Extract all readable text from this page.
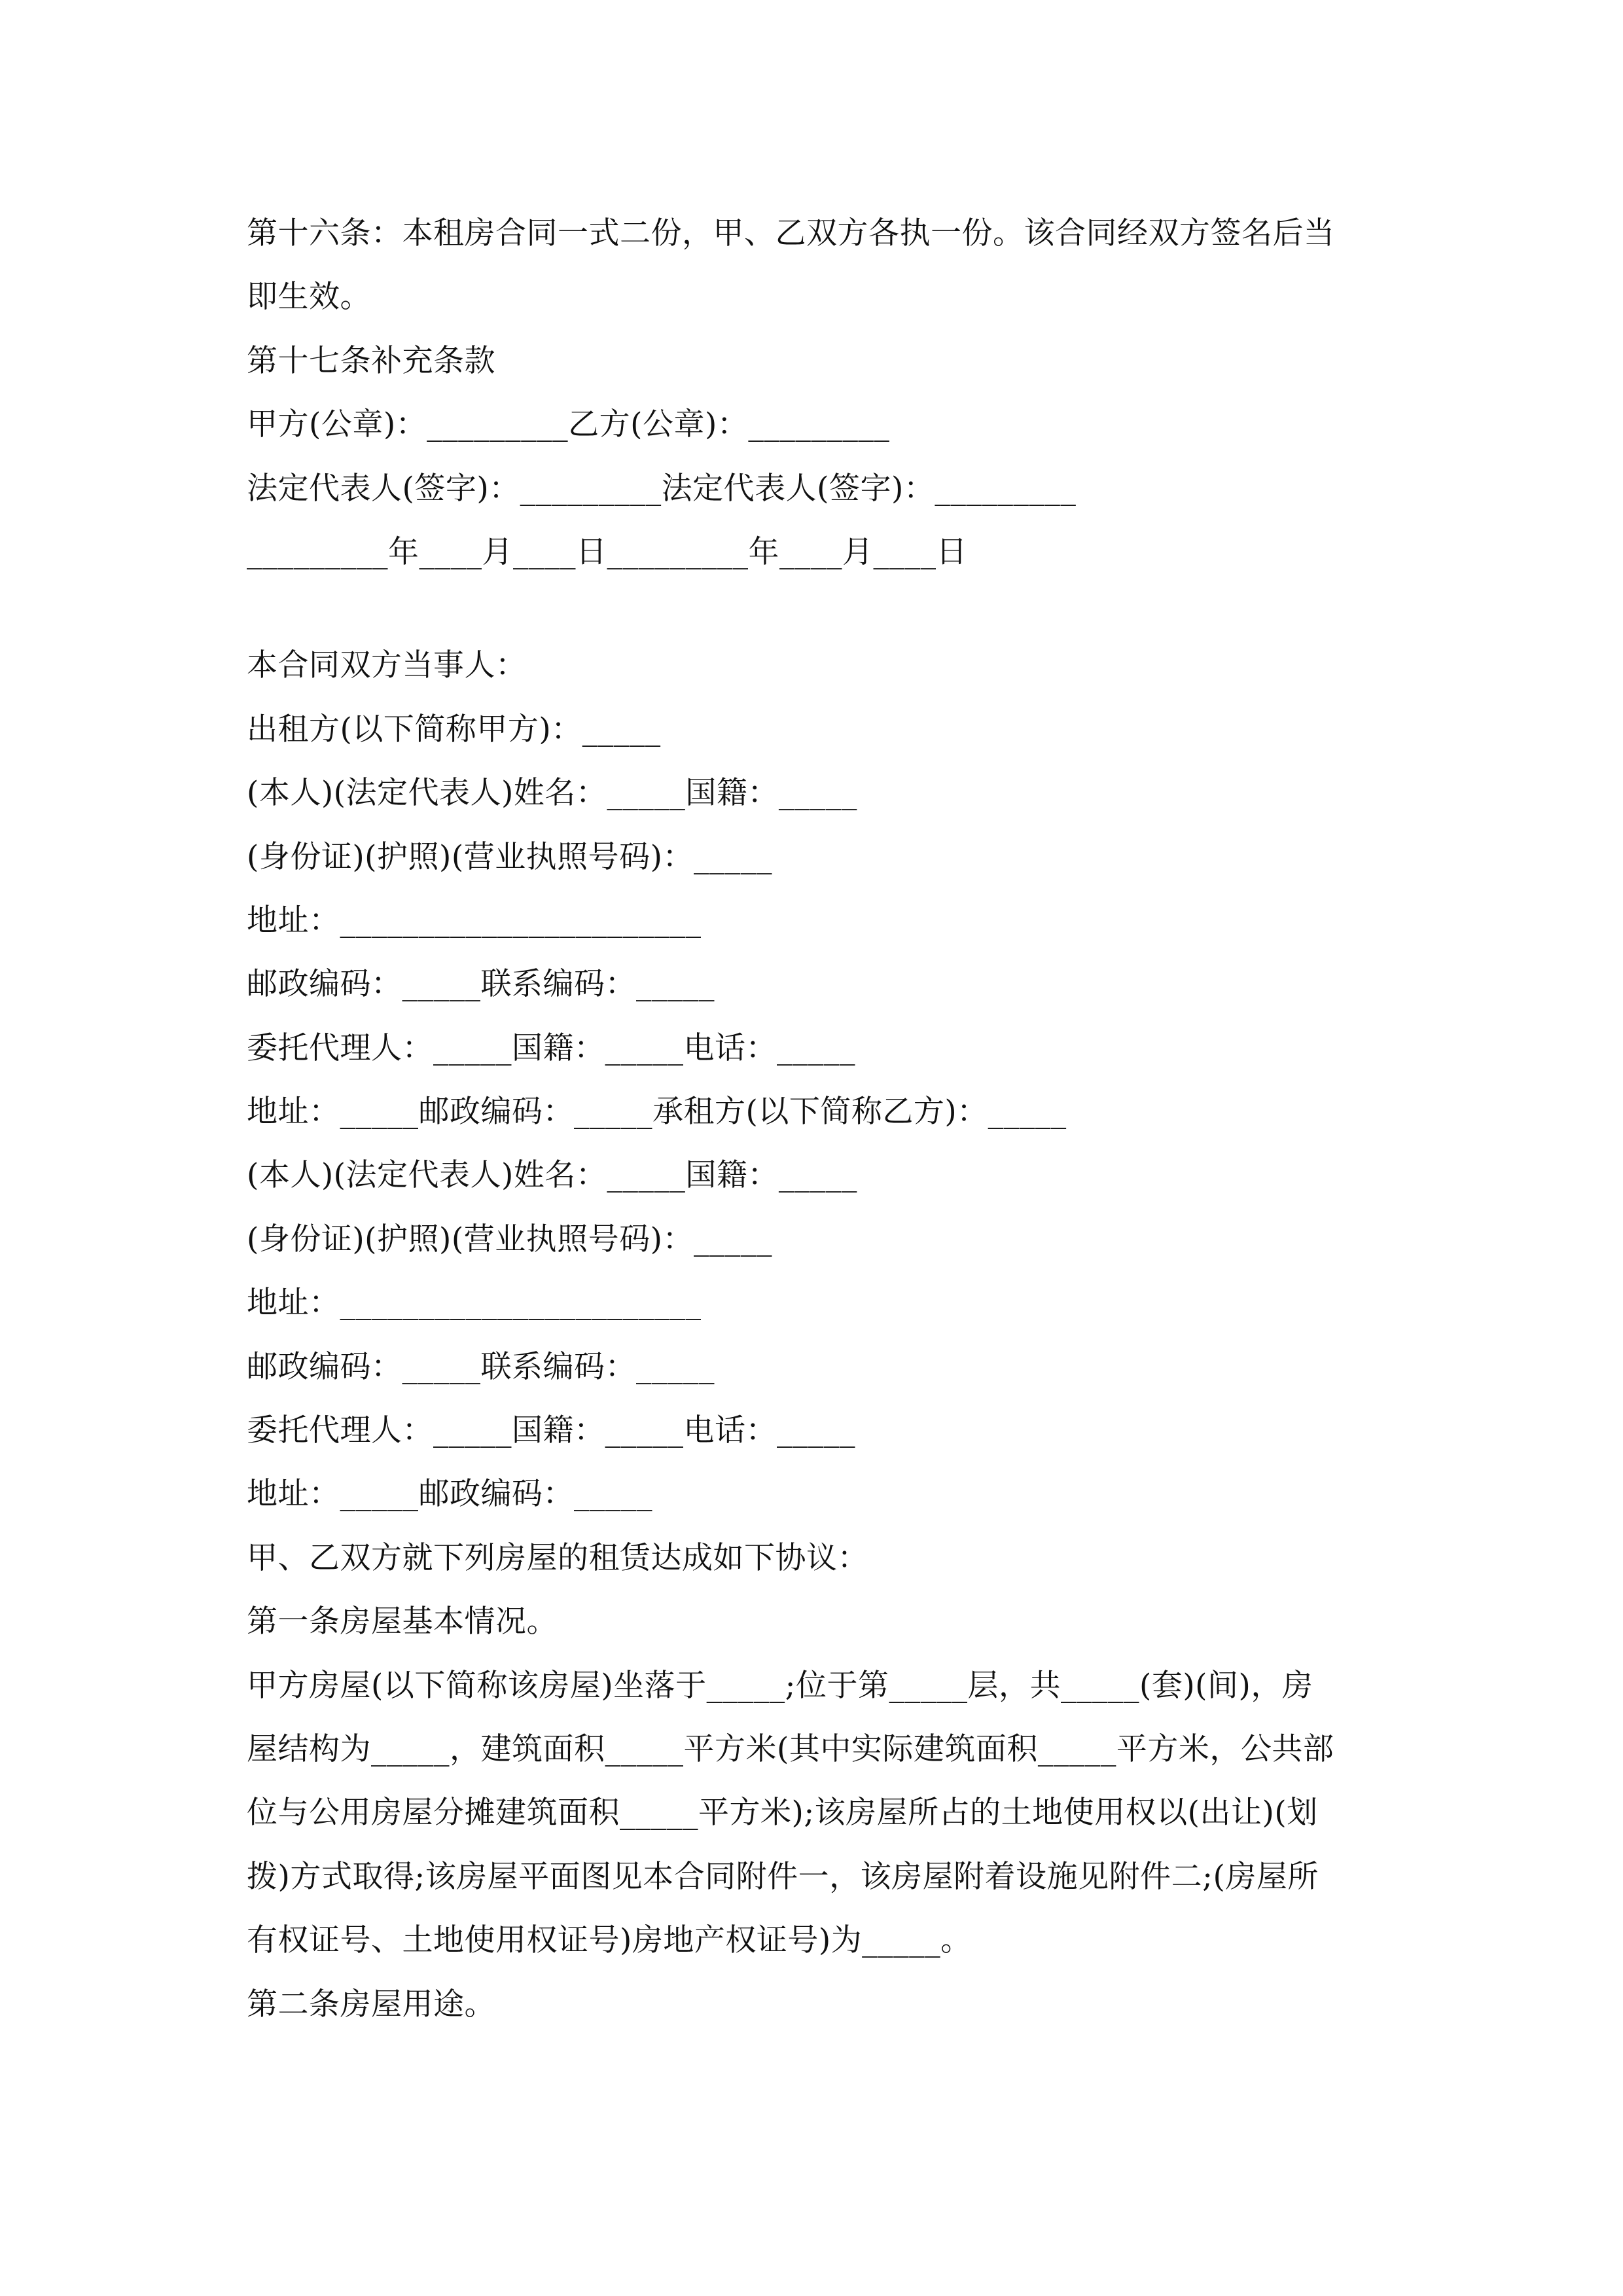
第十六条：本租房合同一式二份，甲、乙双方各执一份。该合同经双方签名后当
即生效。
第十七条补充条款
甲方(公章)：_________乙方(公章)：_________
法定代表人(签字)：_________法定代表人(签字)：_________
_________年____月____日_________年____月____日
本合同双方当事人：
出租方(以下简称甲方)：_____
(本人)(法定代表人)姓名：_____国籍：_____
(身份证)(护照)(营业执照号码)：_____
地址：_______________________
邮政编码：_____联系编码：_____
委托代理人：_____国籍：_____电话：_____
地址：_____邮政编码：_____承租方(以下简称乙方)：_____
(本人)(法定代表人)姓名：_____国籍：_____
(身份证)(护照)(营业执照号码)：_____
地址：_______________________
邮政编码：_____联系编码：_____
委托代理人：_____国籍：_____电话：_____
地址：_____邮政编码：_____
甲、乙双方就下列房屋的租赁达成如下协议：
第一条房屋基本情况。
甲方房屋(以下简称该房屋)坐落于_____;位于第_____层，共_____(套)(间)，房
屋结构为_____，建筑面积_____平方米(其中实际建筑面积_____平方米，公共部
位与公用房屋分摊建筑面积_____平方米);该房屋所占的土地使用权以(出让)(划
拨)方式取得;该房屋平面图见本合同附件一，该房屋附着设施见附件二;(房屋所
有权证号、土地使用权证号)房地产权证号)为_____。
第二条房屋用途。
